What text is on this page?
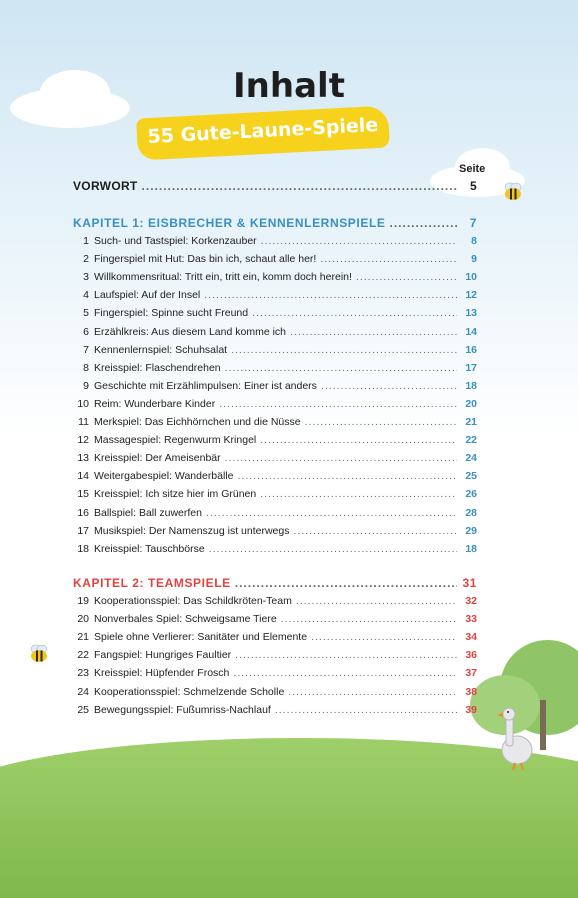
Inhalt
55 Gute-Laune-Spiele
Seite
VORWORT .....	5
KAPITEL 1: EISBRECHER & KENNENLERNSPIELE .....	7
1 Such- und Tastspiel: Korkenzauber .....	8
2 Fingerspiel mit Hut: Das bin ich, schaut alle her! .....	9
3 Willkommensritual: Tritt ein, tritt ein, komm doch herein! .....	10
4 Laufspiel: Auf der Insel .....	12
5 Fingerspiel: Spinne sucht Freund .....	13
6 Erzählkreis: Aus diesem Land komme ich .....	14
7 Kennenlernspiel: Schuhsalat .....	16
8 Kreisspiel: Flaschendrehen .....	17
9 Geschichte mit Erzählimpulsen: Einer ist anders .....	18
10 Reim: Wunderbare Kinder .....	20
11 Merkspiel: Das Eichhörnchen und die Nüsse .....	21
12 Massagespiel: Regenwurm Kringel .....	22
13 Kreisspiel: Der Ameisenbär .....	24
14 Weitergabespiel: Wanderbälle .....	25
15 Kreisspiel: Ich sitze hier im Grünen .....	26
16 Ballspiel: Ball zuwerfen .....	28
17 Musikspiel: Der Namenszug ist unterwegs .....	29
18 Kreisspiel: Tauschbörse .....	18
KAPITEL 2: TEAMSPIELE .....	31
19 Kooperationsspiel: Das Schildkröten-Team .....	32
20 Nonverbales Spiel: Schweigsame Tiere .....	33
21 Spiele ohne Verlierer: Sanitäter und Elemente .....	34
22 Fangspiel: Hungriges Faultier .....	36
23 Kreisspiel: Hüpfender Frosch .....	37
24 Kooperationsspiel: Schmelzende Scholle .....	38
25 Bewegungsspiel: Fußumriss-Nachlauf .....	39
